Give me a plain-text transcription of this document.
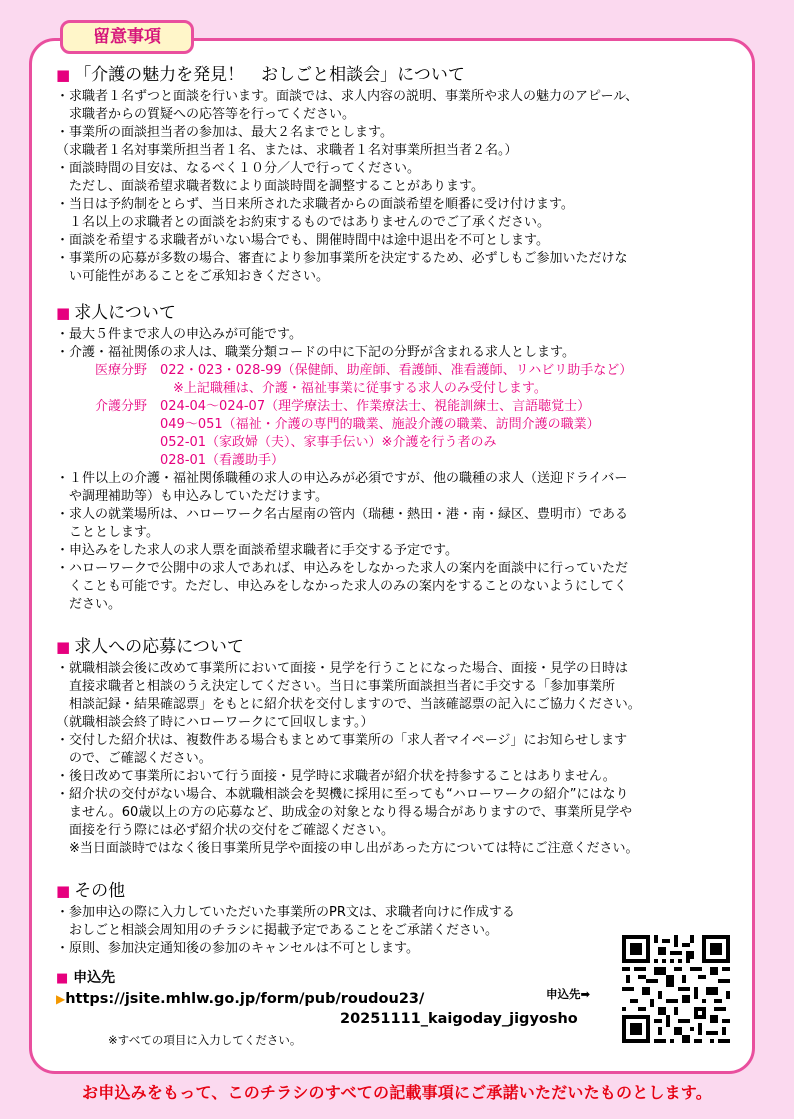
留意事項
■ 「介護の魅力を発見！　おしごと相談会」について
・求職者１名ずつと面談を行います。面談では、求人内容の説明、事業所や求人の魅力のアピール、
　求職者からの質疑への応答等を行ってください。
・事業所の面談担当者の参加は、最大２名までとします。
（求職者１名対事業所担当者１名、または、求職者１名対事業所担当者２名。）
・面談時間の目安は、なるべく１０分／人で行ってください。
　ただし、面談希望求職者数により面談時間を調整することがあります。
・当日は予約制をとらず、当日来所された求職者からの面談希望を順番に受け付けます。
　１名以上の求職者との面談をお約束するものではありませんのでご了承ください。
・面談を希望する求職者がいない場合でも、開催時間中は途中退出を不可とします。
・事業所の応募が多数の場合、審査により参加事業所を決定するため、必ずしもご参加いただけな
　い可能性があることをご承知おきください。
■ 求人について
・最大５件まで求人の申込みが可能です。
・介護・福祉関係の求人は、職業分類コードの中に下記の分野が含まれる求人とします。
　　　医療分野　022・023・028-99（保健師、助産師、看護師、准看護師、リハビリ助手など）
　　　　　　　　　※上記職種は、介護・福祉事業に従事する求人のみ受付します。
　　　介護分野　024-04～024-07（理学療法士、作業療法士、視能訓練士、言語聴覚士）
　　　　　　　　049～051（福祉・介護の専門的職業、施設介護の職業、訪問介護の職業）
　　　　　　　　052-01（家政婦（夫）、家事手伝い）※介護を行う者のみ
　　　　　　　　028-01（看護助手）
・１件以上の介護・福祉関係職種の求人の申込みが必須ですが、他の職種の求人（送迎ドライバー
　や調理補助等）も申込みしていただけます。
・求人の就業場所は、ハローワーク名古屋南の管内（瑞穂・熱田・港・南・緑区、豊明市）である
　こととします。
・申込みをした求人の求人票を面談希望求職者に手交する予定です。
・ハローワークで公開中の求人であれば、申込みをしなかった求人の案内を面談中に行っていただ
　くことも可能です。ただし、申込みをしなかった求人のみの案内をすることのないようにしてく
　ださい。
■ 求人への応募について
・就職相談会後に改めて事業所において面接・見学を行うことになった場合、面接・見学の日時は
　直接求職者と相談のうえ決定してください。当日に事業所面談担当者に手交する「参加事業所
　相談記録・結果確認票」をもとに紹介状を交付しますので、当該確認票の記入にご協力ください。
（就職相談会終了時にハローワークにて回収します。）
・交付した紹介状は、複数件ある場合もまとめて事業所の「求人者マイページ」にお知らせします
　ので、ご確認ください。
・後日改めて事業所において行う面接・見学時に求職者が紹介状を持参することはありません。
・紹介状の交付がない場合、本就職相談会を契機に採用に至っても“ハローワークの紹介”にはなり
　ません。60歳以上の方の応募など、助成金の対象となり得る場合がありますので、事業所見学や
　面接を行う際には必ず紹介状の交付をご確認ください。
　※当日面談時ではなく後日事業所見学や面接の申し出があった方については特にご注意ください。
■ その他
・参加申込の際に入力していただいた事業所のPR文は、求職者向けに作成する
　おしごと相談会周知用のチラシに掲載予定であることをご承諾ください。
・原則、参加決定通知後の参加のキャンセルは不可とします。
■ 申込先
▶https://jsite.mhlw.go.jp/form/pub/roudou23/
20251111_kaigoday_jigyosho
※すべての項目に入力してください。
申込先➡
お申込みをもって、このチラシのすべての記載事項にご承諾いただいたものとします。
